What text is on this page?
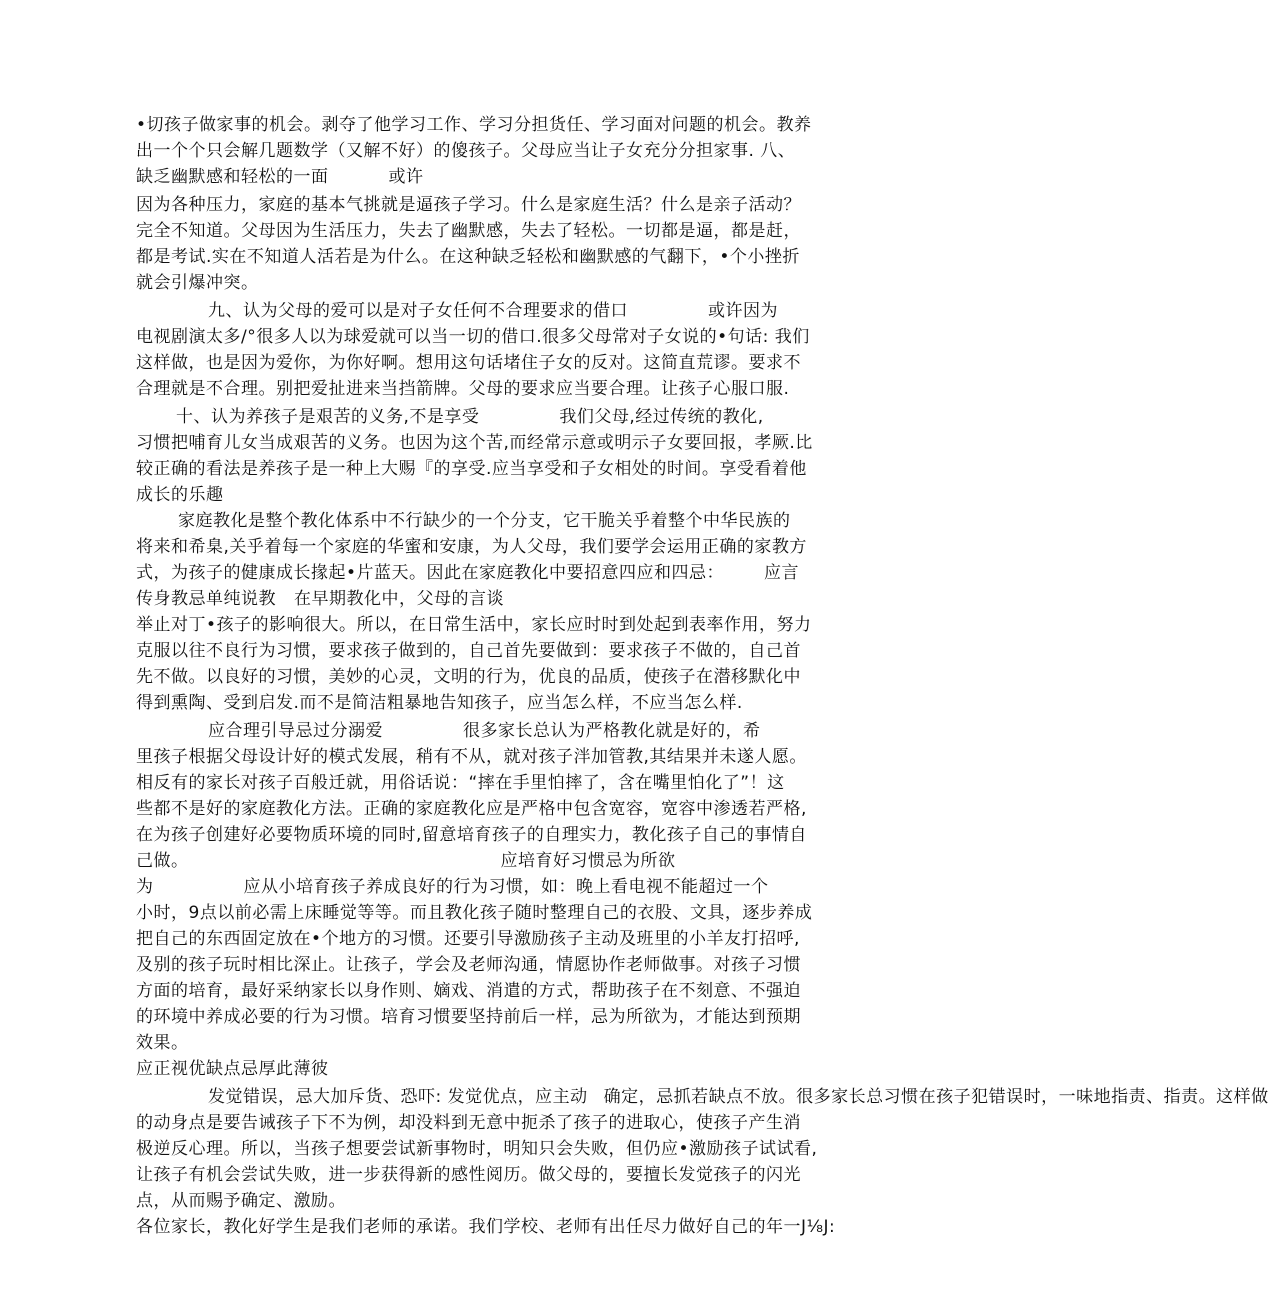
•切孩子做家事的机会。剥夺了他学习工作、学习分担货任、学习面对问题的机会。教养
出一个个只会解几题数学（又解不好）的傻孩子。父母应当让子女充分分担家事. 八、
缺乏幽默感和轻松的一面	或许
因为各种压力，家庭的基本气挑就是逼孩子学习。什么是家庭生活？什么是亲子活动？
完全不知道。父母因为生活压力，失去了幽默感，失去了轻松。一切都是逼，都是赶，
都是考试.实在不知道人活若是为什么。在这种缺乏轻松和幽默感的气翻下，•个小挫折
就会引爆冲突。
九、认为父母的爱可以是对子女任何不合理要求的借口	或许因为
电视剧演太多/°很多人以为球爱就可以当一切的借口.很多父母常对子女说的•句话: 我们
这样做，也是因为爱你，为你好啊。想用这句话堵住子女的反对。这简直荒谬。要求不
合理就是不合理。别把爱扯进来当挡箭牌。父母的要求应当要合理。让孩子心服口服.
十、认为养孩子是艰苦的义务,不是享受	我们父母,经过传统的教化,
习惯把哺育儿女当成艰苦的义务。也因为这个苦,而经常示意或明示子女要回报，孝厥.比
较正确的看法是养孩子是一种上大赐『的享受.应当享受和子女相处的时间。享受看着他
成长的乐趣
家庭教化是整个教化体系中不行缺少的一个分支，它干脆关乎着整个中华民族的
将来和希臬,关乎着每一个家庭的华蜜和安康，为人父母，我们要学会运用正确的家教方
式，为孩子的健康成长掾起•片蓝天。因此在家庭教化中要招意四应和四忌： 应言
传身教忌单纯说教 在早期教化中，父母的言谈
举止对丁•孩子的影响很大。所以，在日常生活中，家长应时时到处起到表率作用，努力
克服以往不良行为习惯，要求孩子做到的，自己首先要做到：要求孩子不做的，自己首
先不做。以良好的习惯，美妙的心灵，文明的行为，优良的品质，使孩子在潜移默化中
得到熏陶、受到启发.而不是简洁粗暴地告知孩子，应当怎么样，不应当怎么样.
应合理引导忌过分溺爱	很多家长总认为严格教化就是好的，希
里孩子根据父母设计好的模式发展，稍有不从，就对孩子泮加管教,其结果并未遂人愿。
相反有的家长对孩子百般迁就，用俗话说：“摔在手里怕摔了，含在嘴里怕化了”！这
些都不是好的家庭教化方法。正确的家庭教化应是严格中包含宽容，宽容中渗透若严格,
在为孩子创建好必要物质环境的同时,留意培育孩子的自理实力，教化孩子自己的事情自
己做。	应培育好习惯忌为所欲
为	应从小培育孩子养成良好的行为习惯，如：晚上看电视不能超过一个
小时，9点以前必需上床睡觉等等。而且教化孩子随时整理自己的衣股、文具，逐步养成
把自己的东西固定放在•个地方的习惯。还要引导激励孩子主动及班里的小羊友打招呼,
及别的孩子玩时相比深止。让孩子，学会及老师沟通，情愿协作老师做事。对孩子习惯
方面的培育，最好采纳家长以身作则、嫡戏、消遣的方式，帮助孩子在不刻意、不强迫
的环境中养成必要的行为习惯。培育习惯要坚持前后一样，忌为所欲为，才能达到预期
效果。
应正视优缺点忌厚此薄彼
发觉错误，忌大加斥货、恐吓: 发觉优点，应主动 确定，忌抓若缺点不放。很多家长总习惯在孩子犯错误时，一味地指责、指责。这样做
的动身点是要告诫孩子下不为例，却没料到无意中扼杀了孩子的进取心，使孩子产生消
极逆反心理。所以，当孩子想要尝试新事物时，明知只会失败，但仍应•激励孩子试试看,
让孩子有机会尝试失败，进一步获得新的感性阅历。做父母的，要擅长发觉孩子的闪光
点，从而赐予确定、激励。
各位家长，教化好学生是我们老师的承诺。我们学校、老师有出任尽力做好自己的年一J⅛J:
